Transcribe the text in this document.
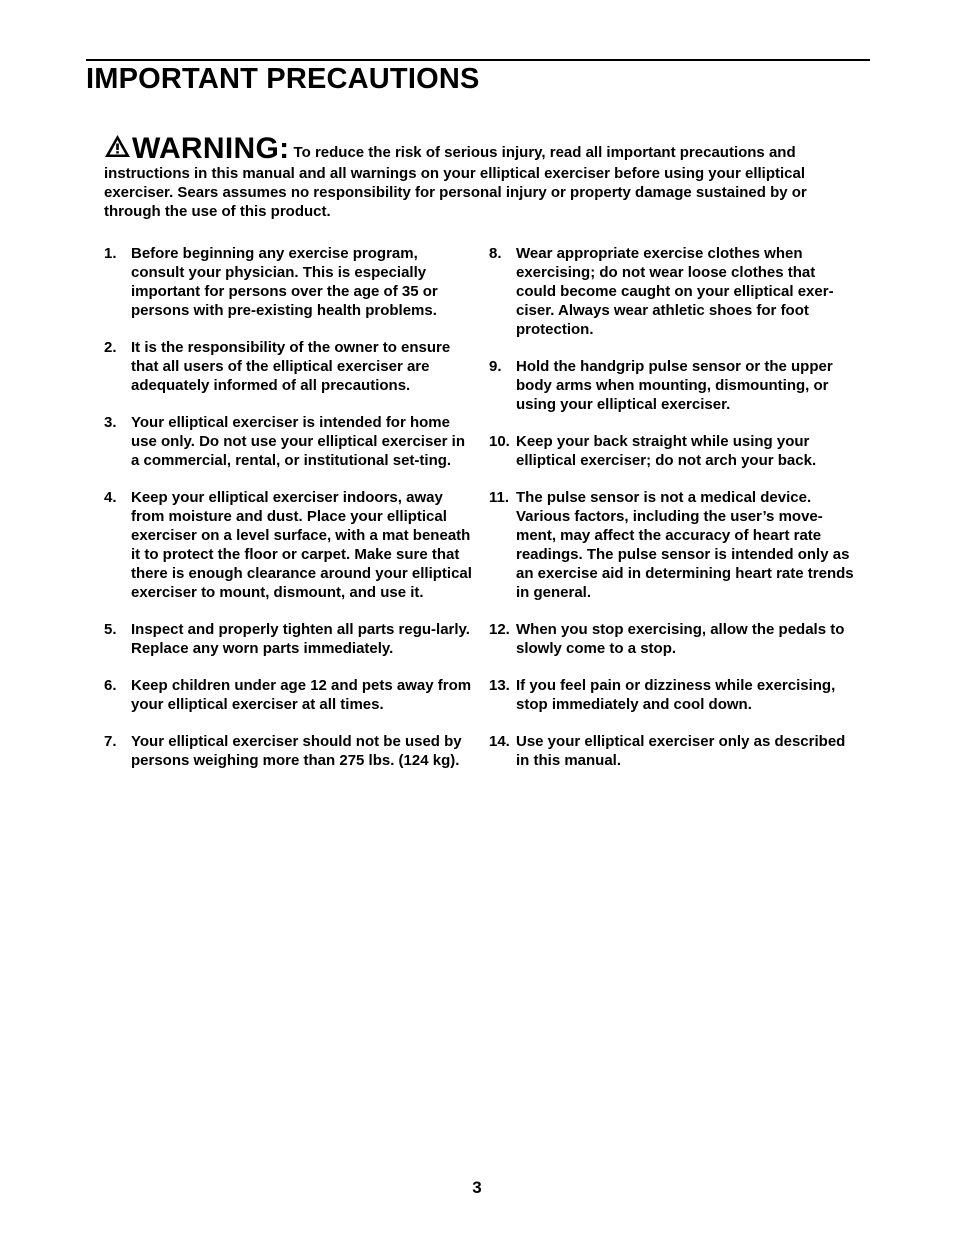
IMPORTANT PRECAUTIONS
WARNING: To reduce the risk of serious injury, read all important precautions and instructions in this manual and all warnings on your elliptical exerciser before using your elliptical exerciser. Sears assumes no responsibility for personal injury or property damage sustained by or through the use of this product.
1. Before beginning any exercise program, consult your physician. This is especially important for persons over the age of 35 or persons with pre-existing health problems.
2. It is the responsibility of the owner to ensure that all users of the elliptical exerciser are adequately informed of all precautions.
3. Your elliptical exerciser is intended for home use only. Do not use your elliptical exerciser in a commercial, rental, or institutional set-ting.
4. Keep your elliptical exerciser indoors, away from moisture and dust. Place your elliptical exerciser on a level surface, with a mat beneath it to protect the floor or carpet. Make sure that there is enough clearance around your elliptical exerciser to mount, dismount, and use it.
5. Inspect and properly tighten all parts regu-larly. Replace any worn parts immediately.
6. Keep children under age 12 and pets away from your elliptical exerciser at all times.
7. Your elliptical exerciser should not be used by persons weighing more than 275 lbs. (124 kg).
8. Wear appropriate exercise clothes when exercising; do not wear loose clothes that could become caught on your elliptical exer-ciser. Always wear athletic shoes for foot protection.
9. Hold the handgrip pulse sensor or the upper body arms when mounting, dismounting, or using your elliptical exerciser.
10. Keep your back straight while using your elliptical exerciser; do not arch your back.
11. The pulse sensor is not a medical device. Various factors, including the user’s move-ment, may affect the accuracy of heart rate readings. The pulse sensor is intended only as an exercise aid in determining heart rate trends in general.
12. When you stop exercising, allow the pedals to slowly come to a stop.
13. If you feel pain or dizziness while exercising, stop immediately and cool down.
14. Use your elliptical exerciser only as described in this manual.
3
